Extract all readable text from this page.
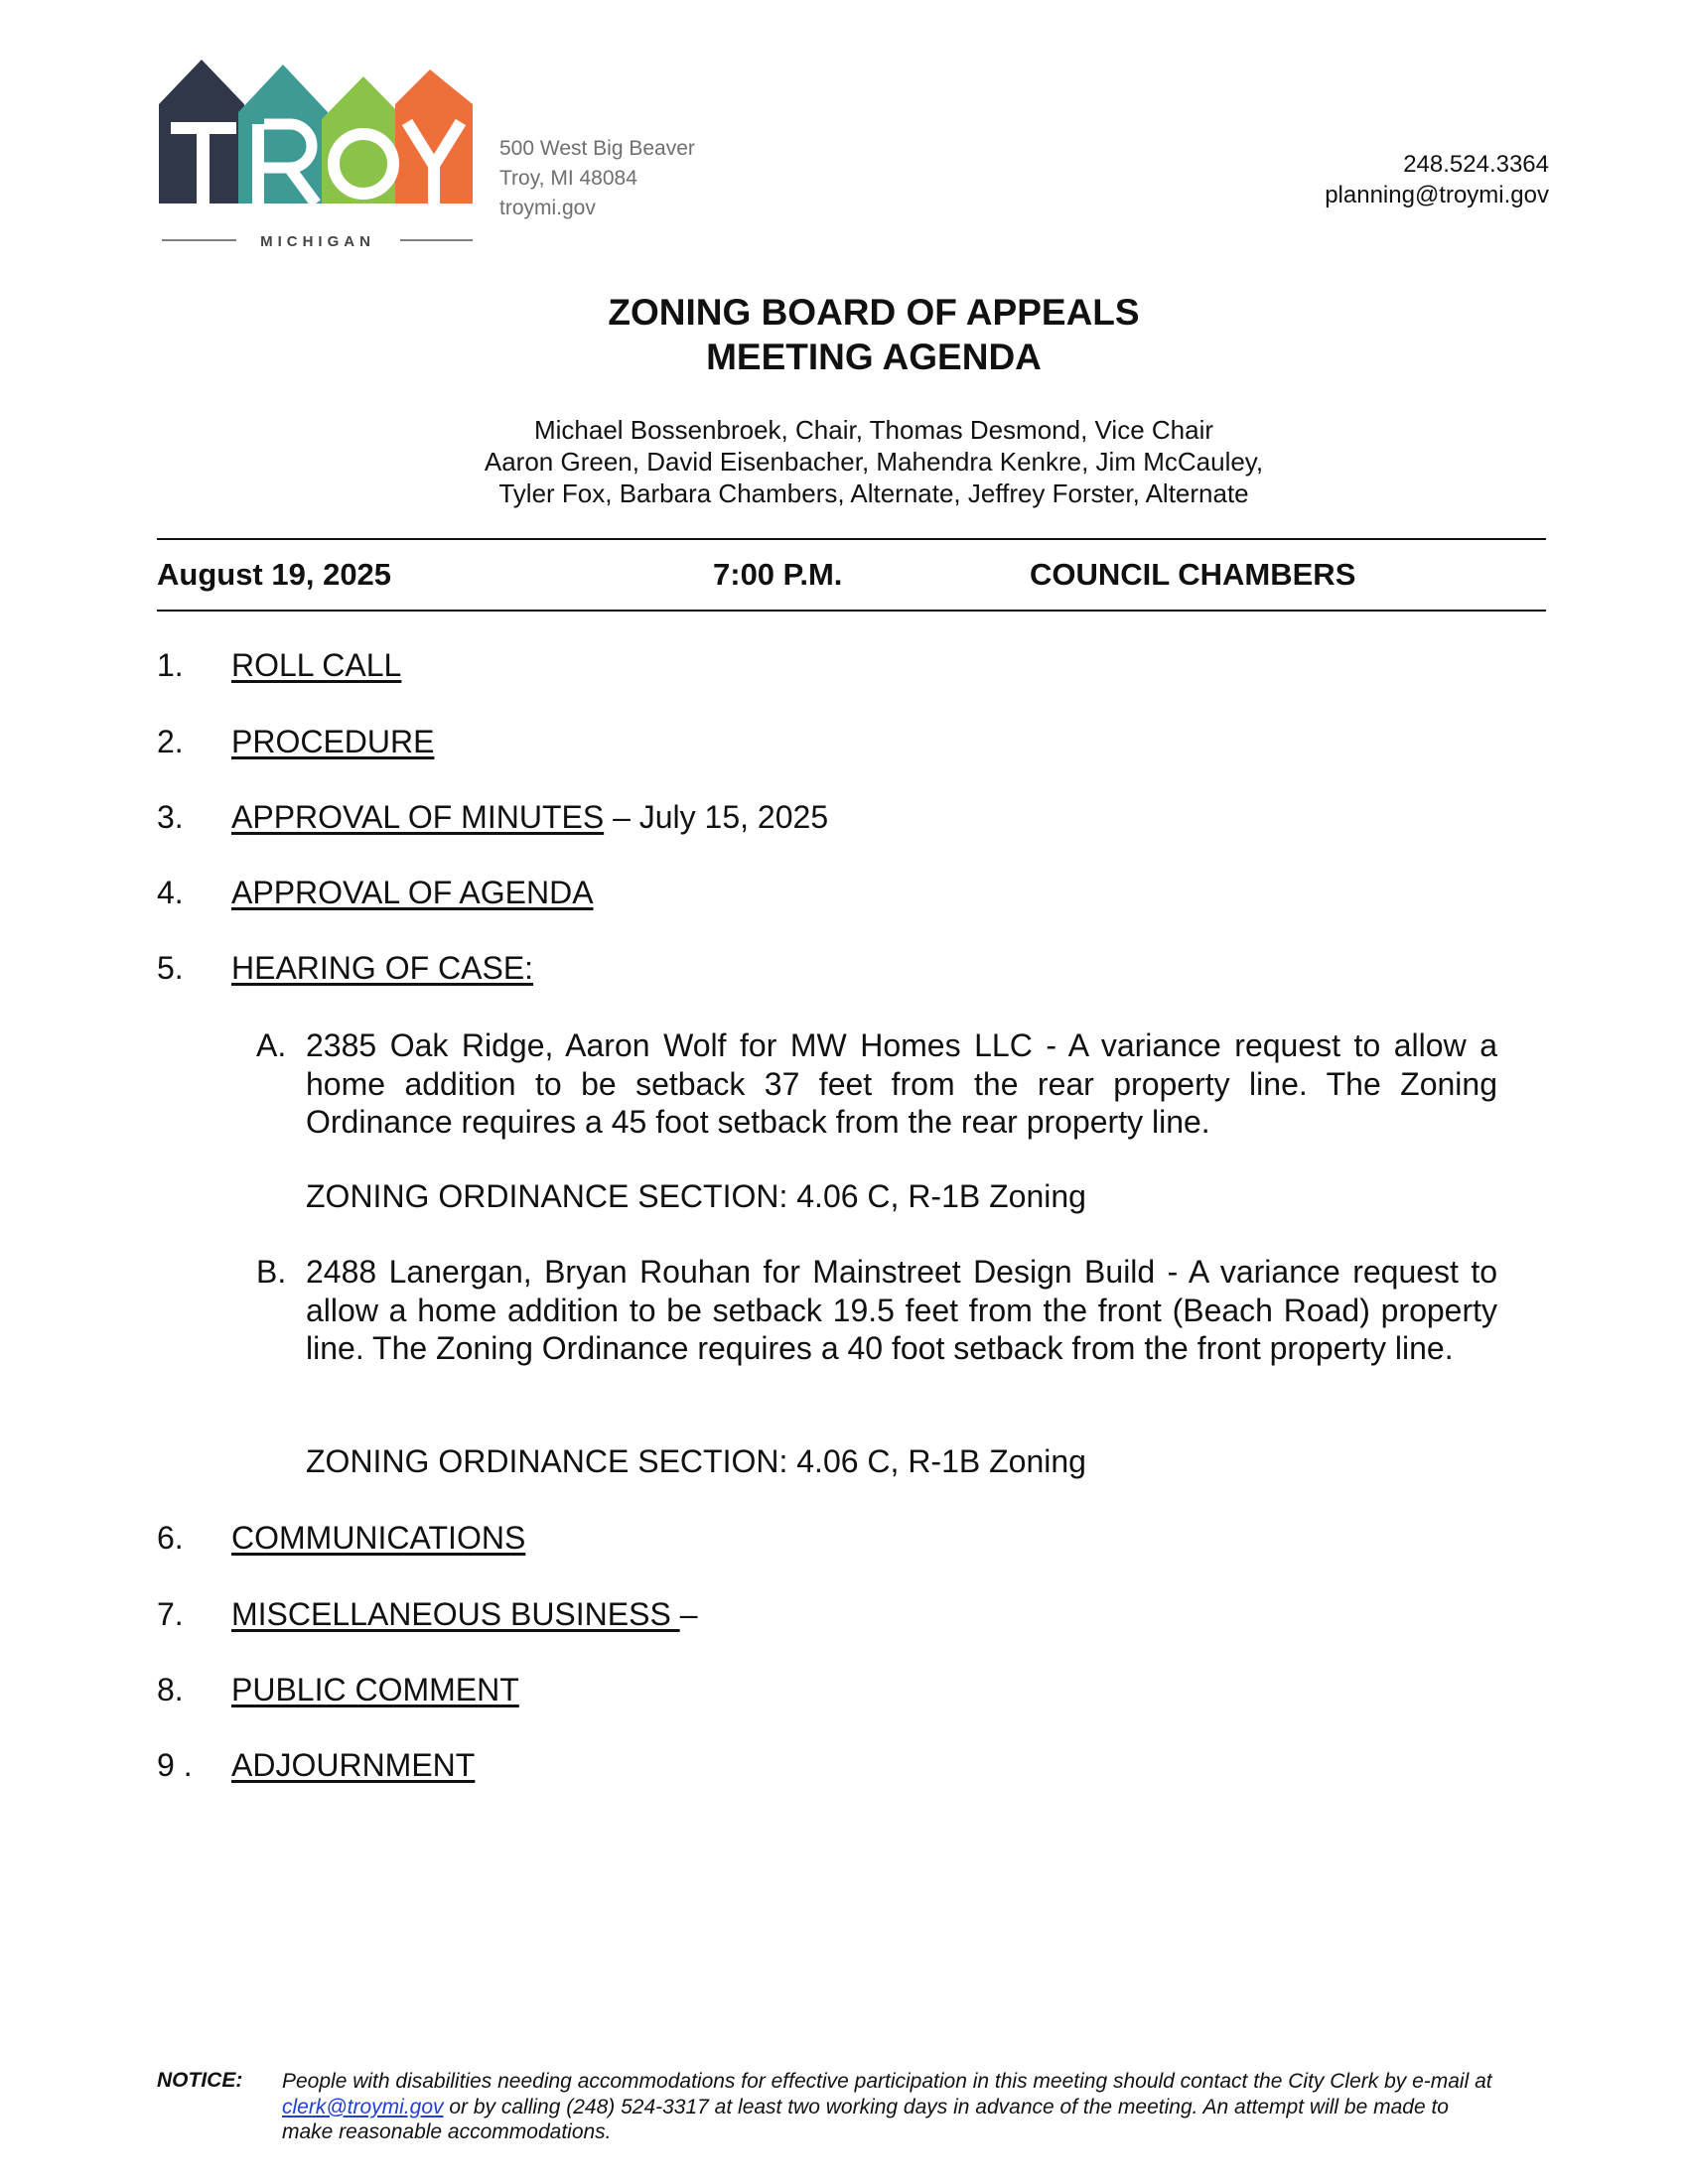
MICHIGAN
500 West Big Beaver
Troy, MI 48084
troymi.gov
248.524.3364
planning@troymi.gov
ZONING BOARD OF APPEALS
MEETING AGENDA
Michael Bossenbroek, Chair, Thomas Desmond, Vice Chair
Aaron Green, David Eisenbacher, Mahendra Kenkre, Jim McCauley,
Tyler Fox, Barbara Chambers, Alternate, Jeffrey Forster, Alternate
August 19, 2025	7:00 P.M.	COUNCIL CHAMBERS
1. ROLL CALL
2. PROCEDURE
3. APPROVAL OF MINUTES – July 15, 2025
4. APPROVAL OF AGENDA
5. HEARING OF CASE:
A. 2385 Oak Ridge, Aaron Wolf for MW Homes LLC - A variance request to allow a home addition to be setback 37 feet from the rear property line. The Zoning Ordinance requires a 45 foot setback from the rear property line.
ZONING ORDINANCE SECTION: 4.06 C, R-1B Zoning
B. 2488 Lanergan, Bryan Rouhan for Mainstreet Design Build - A variance request to allow a home addition to be setback 19.5 feet from the front (Beach Road) property line. The Zoning Ordinance requires a 40 foot setback from the front property line.
ZONING ORDINANCE SECTION: 4.06 C, R-1B Zoning
6. COMMUNICATIONS
7. MISCELLANEOUS BUSINESS –
8. PUBLIC COMMENT
9 . ADJOURNMENT
NOTICE: People with disabilities needing accommodations for effective participation in this meeting should contact the City Clerk by e-mail at clerk@troymi.gov or by calling (248) 524-3317 at least two working days in advance of the meeting. An attempt will be made to make reasonable accommodations.
